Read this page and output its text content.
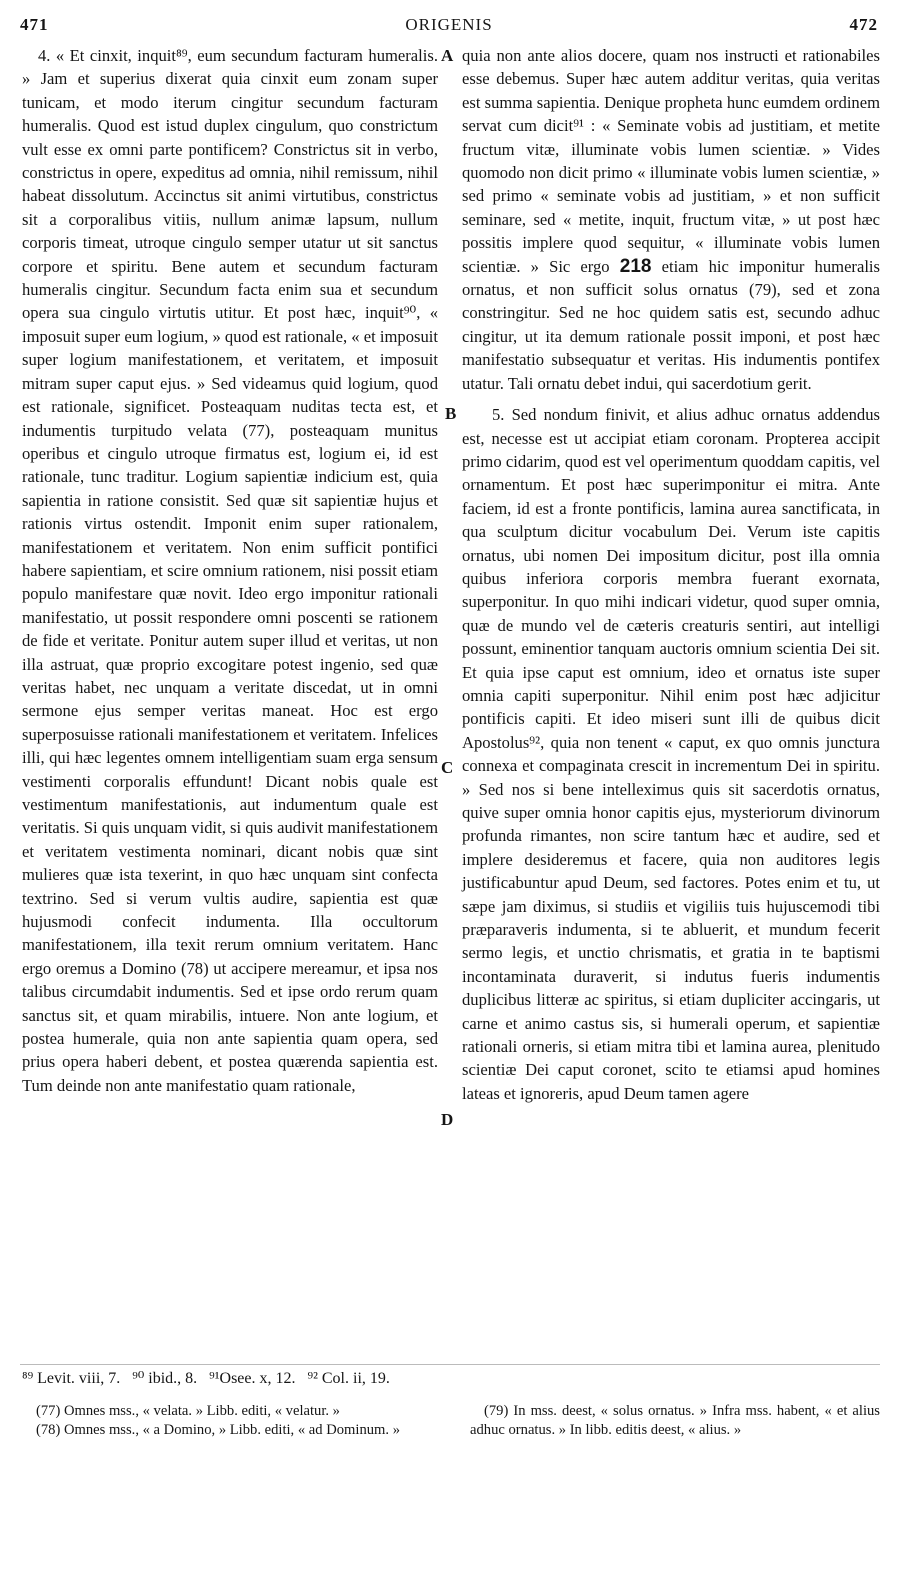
ORIGENIS
471	472

4. « Et cinxit, inquit⁸⁹, eum secundum facturam humeralis. » Jam et superius dixerat quia cinxit eum zonam super tunicam, et modo iterum cingitur secundum facturam humeralis. Quod est istud duplex cingulum, quo constrictum vult esse ex omni parte pontificem? Constrictus sit in verbo, constrictus in opere, expeditus ad omnia, nihil remissum, nihil habeat dissolutum. Accinctus sit animi virtutibus, constrictus sit a corporalibus vitiis, nullum animæ lapsum, nullum corporis timeat, utroque cingulo semper utatur ut sit sanctus corpore et spiritu. Bene autem et secundum facturam humeralis cingitur. Secundum facta enim sua et secundum opera sua cingulo virtutis utitur. Et post hæc, inquit⁹⁰, « imposuit super eum logium, » quod est rationale, « et imposuit super logium manifestationem, et veritatem, et imposuit mitram super caput ejus. » Sed videamus quid logium, quod est rationale, significet. Posteaquam nuditas tecta est, et indumentis turpitudo velata (77), posteaquam munitus operibus et cingulo utroque firmatus est, logium ei, id est rationale, tunc traditur. Logium sapientiæ indicium est, quia sapientia in ratione consistit. Sed quæ sit sapientiæ hujus et rationis virtus ostendit. Imponit enim super rationalem, manifestationem et veritatem. Non enim sufficit pontifici habere sapientiam, et scire omnium rationem, nisi possit etiam populo manifestare quæ novit. Ideo ergo imponitur rationali manifestatio, ut possit respondere omni poscenti se rationem de fide et veritate. Ponitur autem super illud et veritas, ut non illa astruat, quæ proprio excogitare potest ingenio, sed quæ veritas habet, nec unquam a veritate discedat, ut in omni sermone ejus semper veritas maneat. Hoc est ergo superposuisse rationali manifestationem et veritatem. Infelices illi, qui hæc legentes omnem intelligentiam suam erga sensum vestimenti corporalis effundunt! Dicant nobis quale est vestimentum manifestationis, aut indumentum quale est veritatis. Si quis unquam vidit, si quis audivit manifestationem et veritatem vestimenta nominari, dicant nobis quæ sint mulieres quæ ista texerint, in quo hæc unquam sint confecta textrino. Sed si verum vultis audire, sapientia est quæ hujusmodi confecit indumenta. Illa occultorum manifestationem, illa texit rerum omnium veritatem. Hanc ergo oremus a Domino (78) ut accipere mereamur, et ipsa nos talibus circumdabit indumentis. Sed et ipse ordo rerum quam sanctus sit, et quam mirabilis, intuere. Non ante logium, et postea humerale, quia non ante sapientia quam opera, sed prius opera haberi debent, et postea quærenda sapientia est. Tum deinde non ante manifestatio quam rationale,

A
B
C
D

quia non ante alios docere, quam nos instructi et rationabiles esse debemus. Super hæc autem additur veritas, quia veritas est summa sapientia. Denique propheta hunc eumdem ordinem servat cum dicit⁹¹ : « Seminate vobis ad justitiam, et metite fructum vitæ, illuminate vobis lumen scientiæ. » Vides quomodo non dicit primo « illuminate vobis lumen scientiæ, » sed primo « seminate vobis ad justitiam, » et non sufficit seminare, sed « metite, inquit, fructum vitæ, » ut post hæc possitis implere quod sequitur, « illuminate vobis lumen scientiæ. » Sic ergo 218 etiam hic imponitur humeralis ornatus, et non sufficit solus ornatus (79), sed et zona constringitur. Sed ne hoc quidem satis est, secundo adhuc cingitur, ut ita demum rationale possit imponi, et post hæc manifestatio subsequatur et veritas. His indumentis pontifex utatur. Tali ornatu debet indui, qui sacerdotium gerit.

5. Sed nondum finivit, et alius adhuc ornatus addendus est, necesse est ut accipiat etiam coronam. Propterea accipit primo cidarim, quod est vel operimentum quoddam capitis, vel ornamentum. Et post hæc superimponitur ei mitra. Ante faciem, id est a fronte pontificis, lamina aurea sanctificata, in qua sculptum dicitur vocabulum Dei. Verum iste capitis ornatus, ubi nomen Dei impositum dicitur, post illa omnia quibus inferiora corporis membra fuerant exornata, superponitur. In quo mihi indicari videtur, quod super omnia, quæ de mundo vel de cæteris creaturis sentiri, aut intelligi possunt, eminentior tanquam auctoris omnium scientia Dei sit. Et quia ipse caput est omnium, ideo et ornatus iste super omnia capiti superponitur. Nihil enim post hæc adjicitur pontificis capiti. Et ideo miseri sunt illi de quibus dicit Apostolus⁹², quia non tenent « caput, ex quo omnis junctura connexa et compaginata crescit in incrementum Dei in spiritu. » Sed nos si bene intelleximus quis sit sacerdotis ornatus, quive super omnia honor capitis ejus, mysteriorum divinorum profunda rimantes, non scire tantum hæc et audire, sed et implere desideremus et facere, quia non auditores legis justificabuntur apud Deum, sed factores. Potes enim et tu, ut sæpe jam diximus, si studiis et vigiliis tuis hujuscemodi tibi præparaveris indumenta, si te abluerit, et mundum fecerit sermo legis, et unctio chrismatis, et gratia in te baptismi incontaminata duraverit, si indutus fueris indumentis duplicibus litteræ ac spiritus, si etiam dupliciter accingaris, ut carne et animo castus sis, si humerali operum, et sapientiæ rationali orneris, si etiam mitra tibi et lamina aurea, plenitudo scientiæ Dei caput coronet, scito te etiamsi apud homines lateas et ignoreris, apud Deum tamen agere

⁸⁹ Levit. viii, 7.   ⁹⁰ ibid., 8.   ⁹¹Osee. x, 12.   ⁹² Col. ii, 19.

(77) Omnes mss., « velata. » Libb. editi, « velatur. »

(78) Omnes mss., « a Domino, » Libb. editi, « ad Dominum. »

(79) In mss. deest, « solus ornatus. » Infra mss. habent, « et alius adhuc ornatus. » In libb. editis deest, « alius. »
